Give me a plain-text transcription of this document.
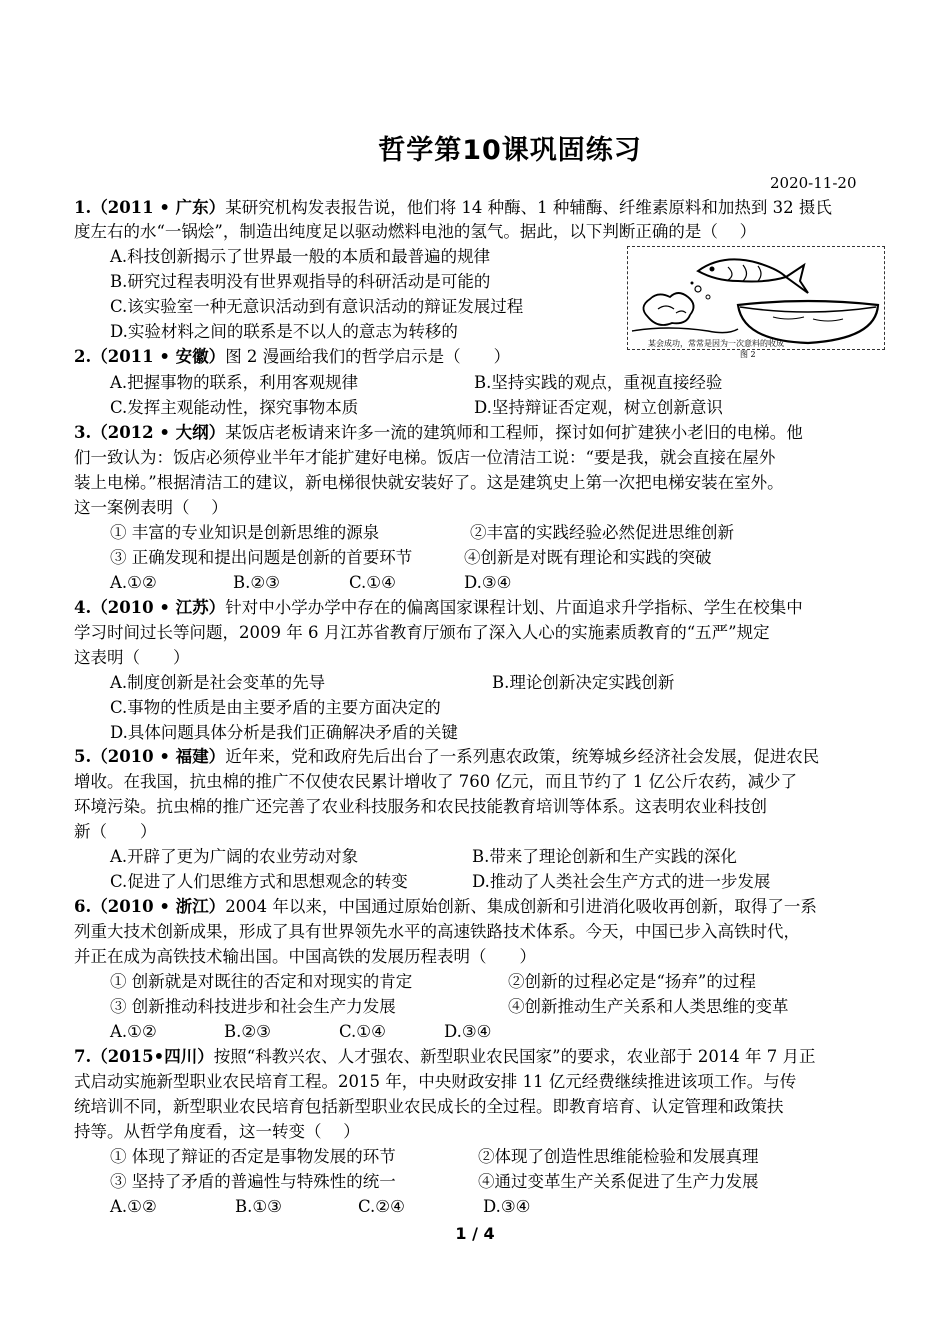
哲学第10课巩固练习
2020-11-20
1.（2011 • 广东）某研究机构发表报告说，他们将 14 种酶、1 种辅酶、纤维素原料和加热到 32 摄氏
度左右的水“一锅烩”，制造出纯度足以驱动燃料电池的氢气。据此，以下判断正确的是（　 ）
A.科技创新揭示了世界最一般的本质和最普遍的规律
B.研究过程表明没有世界观指导的科研活动是可能的
C.该实验室一种无意识活动到有意识活动的辩证发展过程
D.实验材料之间的联系是不以人的意志为转移的
某会成功，常常是因为一次意料的收成
图 2
2.（2011 • 安徽）图 2 漫画给我们的哲学启示是（　　）
A.把握事物的联系，利用客观规律	B.坚持实践的观点，重视直接经验
C.发挥主观能动性，探究事物本质	D.坚持辩证否定观，树立创新意识
3.（2012 • 大纲）某饭店老板请来许多一流的建筑师和工程师，探讨如何扩建狭小老旧的电梯。他
们一致认为：饭店必须停业半年才能扩建好电梯。饭店一位清洁工说：“要是我，就会直接在屋外
装上电梯。”根据清洁工的建议，新电梯很快就安装好了。这是建筑史上第一次把电梯安装在室外。
这一案例表明（　 ）
① 丰富的专业知识是创新思维的源泉	②丰富的实践经验必然促进思维创新
③ 正确发现和提出问题是创新的首要环节	④创新是对既有理论和实践的突破
A.①②	B.②③	C.①④	D.③④
4.（2010 • 江苏）针对中小学办学中存在的偏离国家课程计划、片面追求升学指标、学生在校集中
学习时间过长等问题，2009 年 6 月江苏省教育厅颁布了深入人心的实施素质教育的“五严”规定
这表明（　　）
A.制度创新是社会变革的先导	B.理论创新决定实践创新
C.事物的性质是由主要矛盾的主要方面决定的
D.具体问题具体分析是我们正确解决矛盾的关键
5.（2010 • 福建）近年来，党和政府先后出台了一系列惠农政策，统筹城乡经济社会发展，促进农民
增收。在我国，抗虫棉的推广不仅使农民累计增收了 760 亿元，而且节约了 1 亿公斤农药，减少了
环境污染。抗虫棉的推广还完善了农业科技服务和农民技能教育培训等体系。这表明农业科技创
新（　　）
A.开辟了更为广阔的农业劳动对象	B.带来了理论创新和生产实践的深化
C.促进了人们思维方式和思想观念的转变	D.推动了人类社会生产方式的进一步发展
6.（2010 • 浙江）2004 年以来，中国通过原始创新、集成创新和引进消化吸收再创新，取得了一系
列重大技术创新成果，形成了具有世界领先水平的高速铁路技术体系。今天，中国已步入高铁时代，
并正在成为高铁技术输出国。中国高铁的发展历程表明（　　）
① 创新就是对既往的否定和对现实的肯定	②创新的过程必定是“扬弃”的过程
③ 创新推动科技进步和社会生产力发展	④创新推动生产关系和人类思维的变革
A.①②	B.②③	C.①④	D.③④
7.（2015•四川）按照“科教兴农、人才强农、新型职业农民国家”的要求，农业部于 2014 年 7 月正
式启动实施新型职业农民培育工程。2015 年，中央财政安排 11 亿元经费继续推进该项工作。与传
统培训不同，新型职业农民培育包括新型职业农民成长的全过程。即教育培育、认定管理和政策扶
持等。从哲学角度看，这一转变（　 ）
① 体现了辩证的否定是事物发展的环节	②体现了创造性思维能检验和发展真理
③ 坚持了矛盾的普遍性与特殊性的统一	④通过变革生产关系促进了生产力发展
A.①②	B.①③	C.②④	D.③④
1 / 4
